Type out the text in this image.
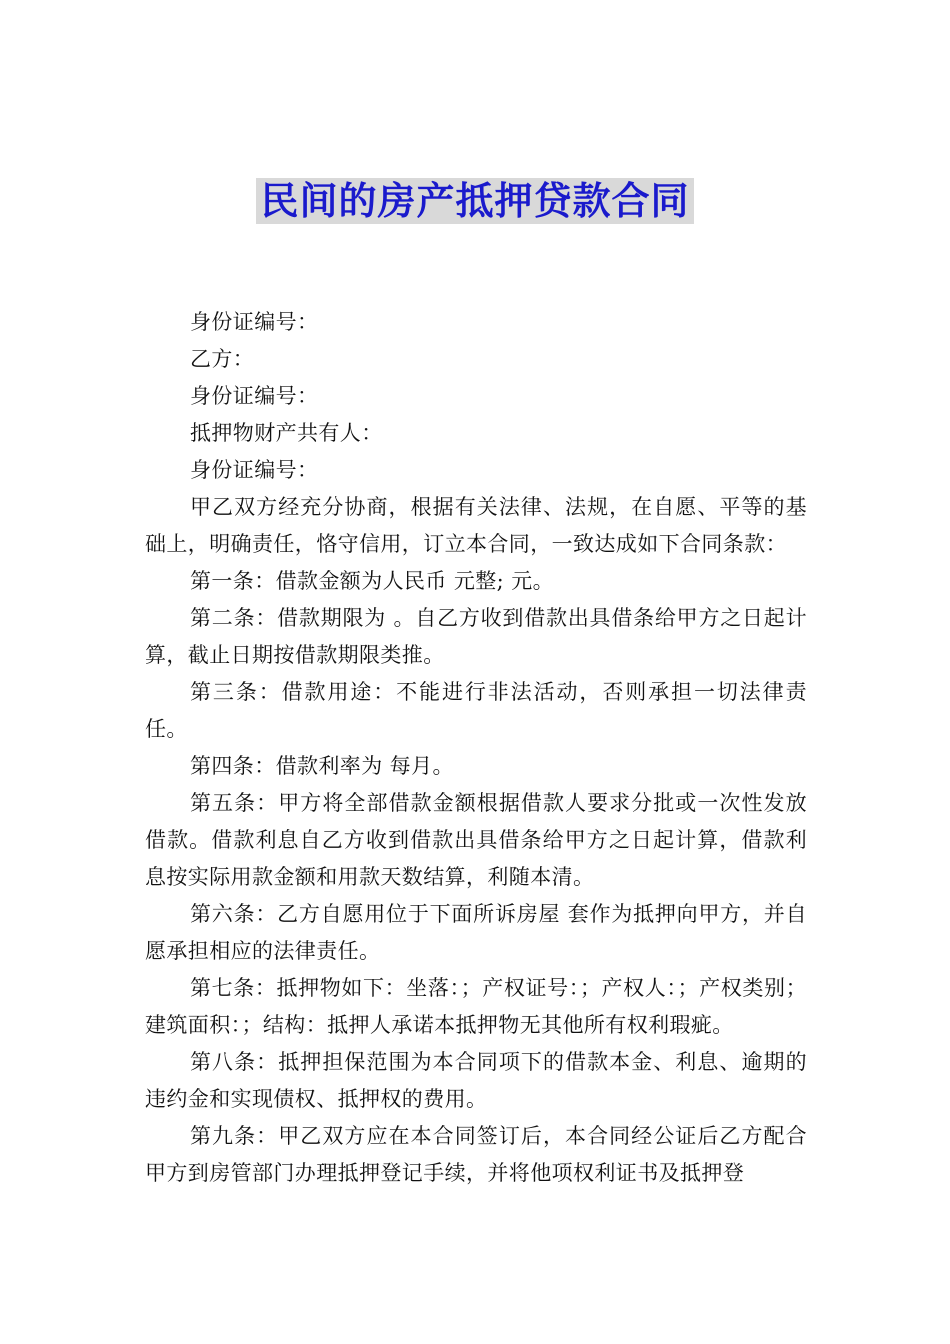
民间的房产抵押贷款合同

身份证编号：

乙方：

身份证编号：

抵押物财产共有人：

身份证编号：

甲乙双方经充分协商，根据有关法律、法规，在自愿、平等的基础上，明确责任，恪守信用，订立本合同，一致达成如下合同条款：

第一条：借款金额为人民币 元整; 元。

第二条：借款期限为 。自乙方收到借款出具借条给甲方之日起计算，截止日期按借款期限类推。

第三条：借款用途：不能进行非法活动，否则承担一切法律责任。

第四条：借款利率为 每月。

第五条：甲方将全部借款金额根据借款人要求分批或一次性发放借款。借款利息自乙方收到借款出具借条给甲方之日起计算，借款利息按实际用款金额和用款天数结算，利随本清。

第六条：乙方自愿用位于下面所诉房屋 套作为抵押向甲方，并自愿承担相应的法律责任。

第七条：抵押物如下：坐落：；产权证号：；产权人：；产权类别；建筑面积：；结构：抵押人承诺本抵押物无其他所有权利瑕疵。

第八条：抵押担保范围为本合同项下的借款本金、利息、逾期的违约金和实现债权、抵押权的费用。

第九条：甲乙双方应在本合同签订后，本合同经公证后乙方配合甲方到房管部门办理抵押登记手续，并将他项权利证书及抵押登
